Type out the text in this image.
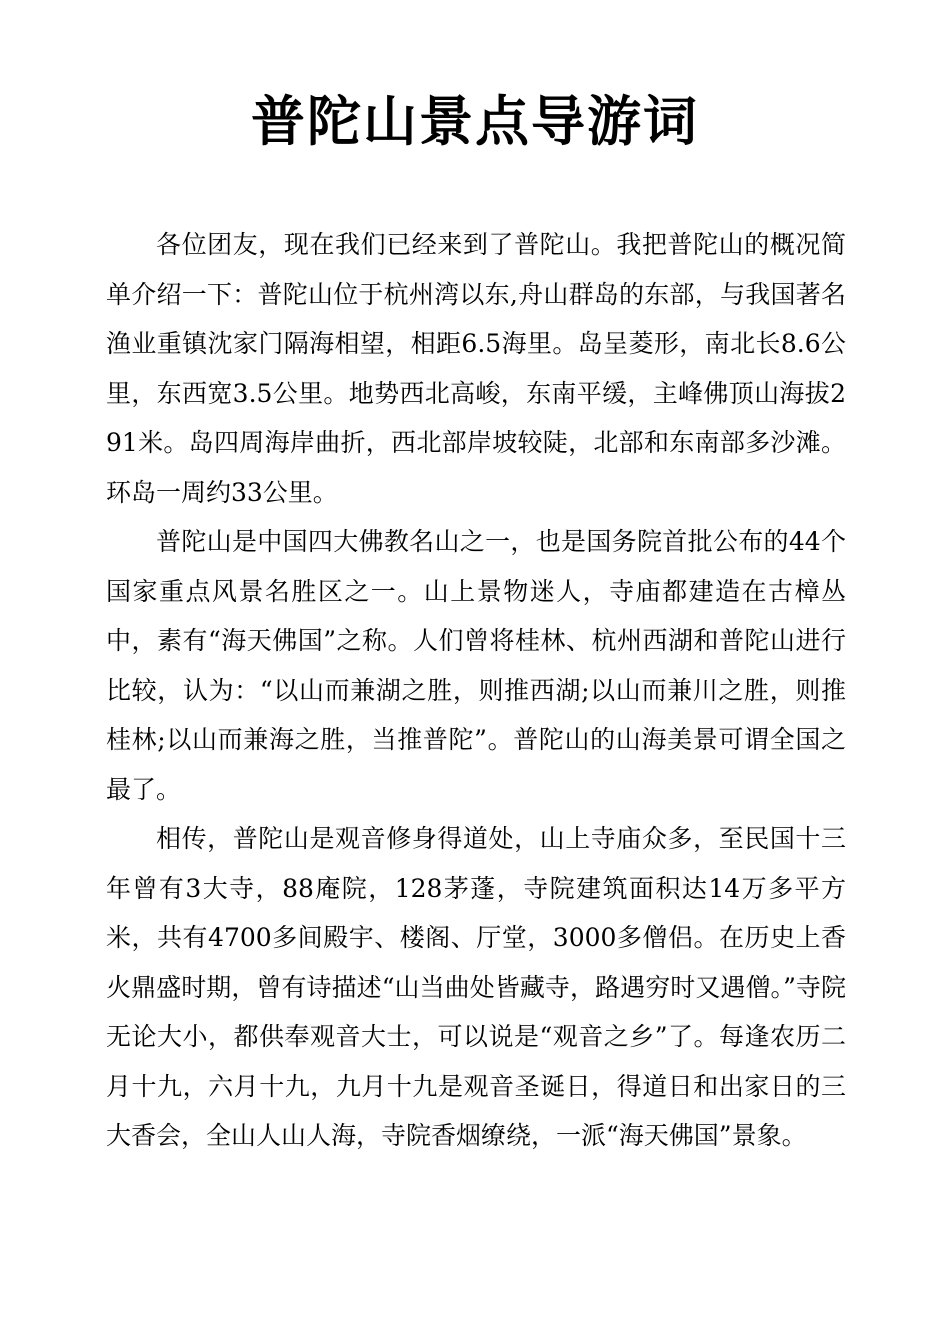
普陀山景点导游词

各位团友，现在我们已经来到了普陀山。我把普陀山的概况简单介绍一下：普陀山位于杭州湾以东,舟山群岛的东部，与我国著名渔业重镇沈家门隔海相望，相距6.5海里。岛呈菱形，南北长8.6公里，东西宽3.5公里。地势西北高峻，东南平缓，主峰佛顶山海拔291米。岛四周海岸曲折，西北部岸坡较陡，北部和东南部多沙滩。环岛一周约33公里。

普陀山是中国四大佛教名山之一，也是国务院首批公布的44个国家重点风景名胜区之一。山上景物迷人，寺庙都建造在古樟丛中，素有“海天佛国”之称。人们曾将桂林、杭州西湖和普陀山进行比较，认为：“以山而兼湖之胜，则推西湖;以山而兼川之胜，则推桂林;以山而兼海之胜，当推普陀”。普陀山的山海美景可谓全国之最了。

相传，普陀山是观音修身得道处，山上寺庙众多，至民国十三年曾有3大寺，88庵院，128茅蓬，寺院建筑面积达14万多平方米，共有4700多间殿宇、楼阁、厅堂，3000多僧侣。在历史上香火鼎盛时期，曾有诗描述“山当曲处皆藏寺，路遇穷时又遇僧。”寺院无论大小，都供奉观音大士，可以说是“观音之乡”了。每逢农历二月十九，六月十九，九月十九是观音圣诞日，得道日和出家日的三大香会，全山人山人海，寺院香烟缭绕，一派“海天佛国”景象。
